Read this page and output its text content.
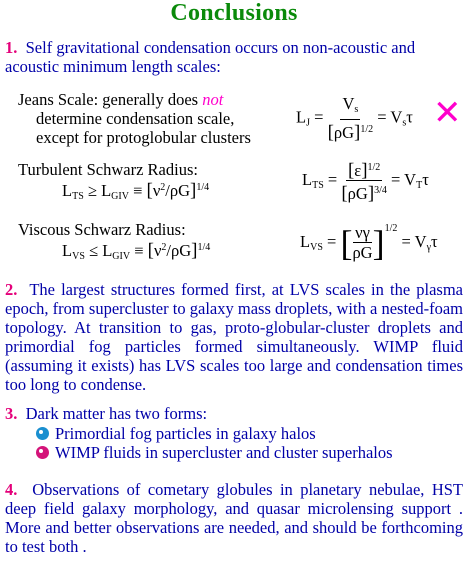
Conclusions
1. Self gravitational condensation occurs on non-acoustic and acoustic minimum length scales:
Jeans Scale: generally does not
determine condensation scale,
except for protoglobular clusters
$L_J = \frac{V_s}{[\rho G]^{1/2}} = V_s\tau$ ✕
Turbulent Schwarz Radius:
$L_{TS} \ge L_{GIV} \equiv [\nu^2/\rho G]^{1/4}$	$L_{TS} = \frac{[\varepsilon]^{1/2}}{[\rho G]^{3/4}} = V_T\tau$
Viscous Schwarz Radius:
$L_{VS} \le L_{GIV} \equiv [\nu^2/\rho G]^{1/4}$	$L_{VS}$ = [ $\frac{\nu\gamma}{\rho G} ]^{1/2} = V_\gamma\tau$
2. The largest structures formed first, at LVS scales in the plasma epoch, from supercluster to galaxy mass droplets, with a nested-foam topology. At transition to gas, proto-globular-cluster droplets and primordial fog particles formed simultaneously. WIMP fluid (assuming it exists) has LVS scales too large and condensation times too long to condense.
3. Dark matter has two forms:
Primordial fog particles in galaxy halos
WIMP fluids in supercluster and cluster superhalos
4. Observations of cometary globules in planetary nebulae, HST deep field galaxy morphology, and quasar microlensing support . More and better observations are needed, and should be forthcoming to test both .
